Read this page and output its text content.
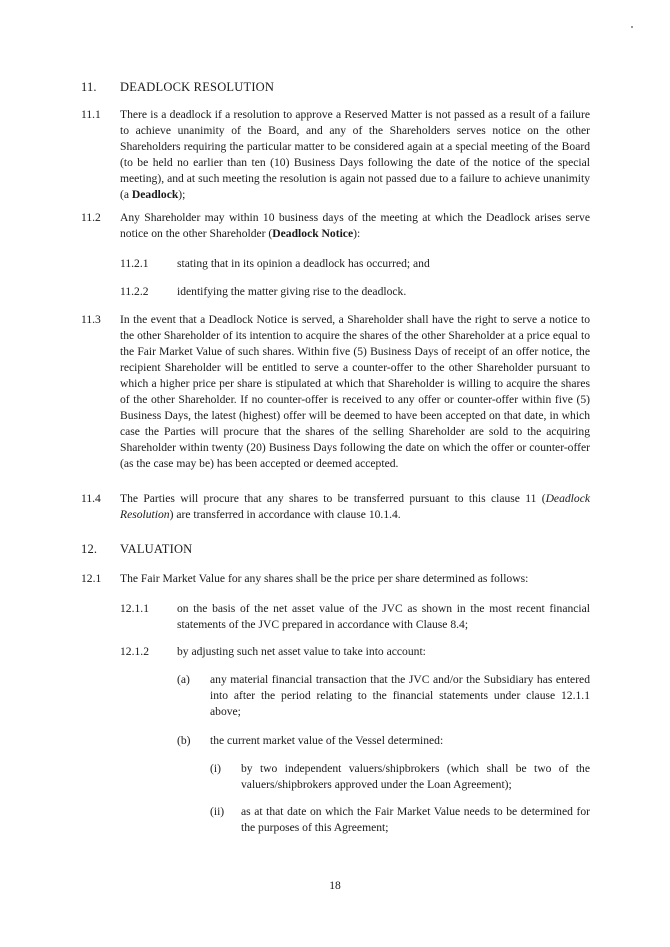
11. DEADLOCK RESOLUTION
11.1 There is a deadlock if a resolution to approve a Reserved Matter is not passed as a result of a failure to achieve unanimity of the Board, and any of the Shareholders serves notice on the other Shareholders requiring the particular matter to be considered again at a special meeting of the Board (to be held no earlier than ten (10) Business Days following the date of the notice of the special meeting), and at such meeting the resolution is again not passed due to a failure to achieve unanimity (a Deadlock);
11.2 Any Shareholder may within 10 business days of the meeting at which the Deadlock arises serve notice on the other Shareholder (Deadlock Notice):
11.2.1 stating that in its opinion a deadlock has occurred; and
11.2.2 identifying the matter giving rise to the deadlock.
11.3 In the event that a Deadlock Notice is served, a Shareholder shall have the right to serve a notice to the other Shareholder of its intention to acquire the shares of the other Shareholder at a price equal to the Fair Market Value of such shares. Within five (5) Business Days of receipt of an offer notice, the recipient Shareholder will be entitled to serve a counter-offer to the other Shareholder pursuant to which a higher price per share is stipulated at which that Shareholder is willing to acquire the shares of the other Shareholder. If no counter-offer is received to any offer or counter-offer within five (5) Business Days, the latest (highest) offer will be deemed to have been accepted on that date, in which case the Parties will procure that the shares of the selling Shareholder are sold to the acquiring Shareholder within twenty (20) Business Days following the date on which the offer or counter-offer (as the case may be) has been accepted or deemed accepted.
11.4 The Parties will procure that any shares to be transferred pursuant to this clause 11 (Deadlock Resolution) are transferred in accordance with clause 10.1.4.
12. VALUATION
12.1 The Fair Market Value for any shares shall be the price per share determined as follows:
12.1.1 on the basis of the net asset value of the JVC as shown in the most recent financial statements of the JVC prepared in accordance with Clause 8.4;
12.1.2 by adjusting such net asset value to take into account:
(a) any material financial transaction that the JVC and/or the Subsidiary has entered into after the period relating to the financial statements under clause 12.1.1 above;
(b) the current market value of the Vessel determined:
(i) by two independent valuers/shipbrokers (which shall be two of the valuers/shipbrokers approved under the Loan Agreement);
(ii) as at that date on which the Fair Market Value needs to be determined for the purposes of this Agreement;
18
